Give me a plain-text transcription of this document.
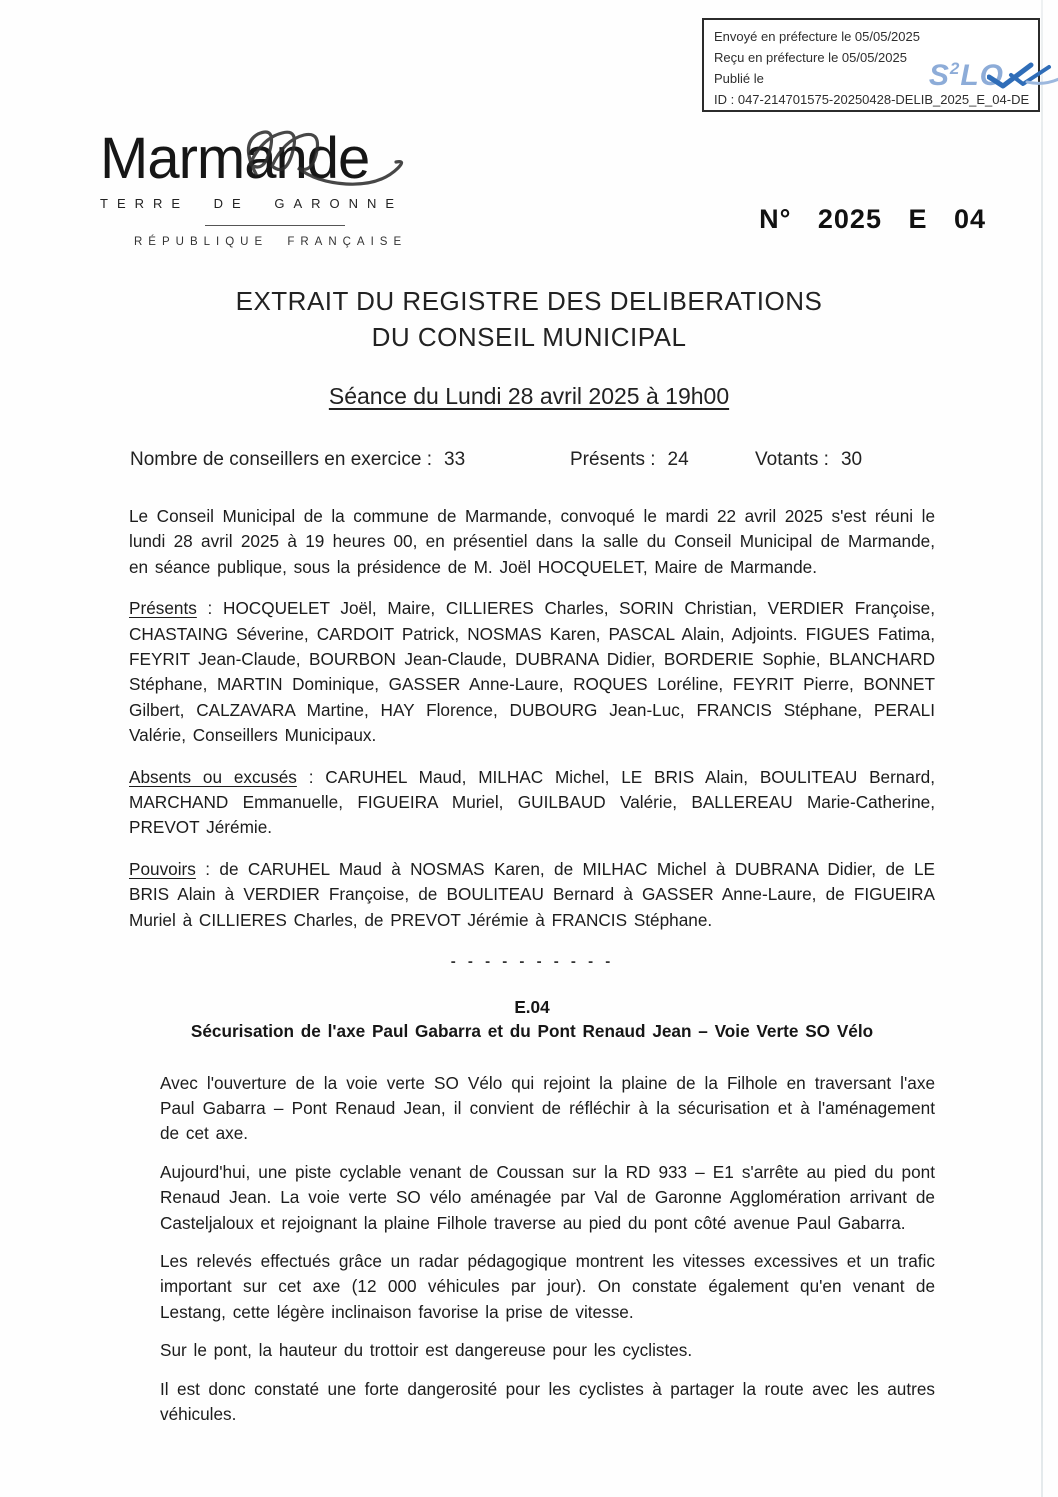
Envoyé en préfecture le 05/05/2025
Reçu en préfecture le 05/05/2025
Publié le
ID : 047-214701575-20250428-DELIB_2025_E_04-DE
$S^2LO$
Marmande
TERRE DE GARONNE
RÉPUBLIQUE FRANÇAISE
N° 2025 E 04
EXTRAIT DU REGISTRE DES DELIBERATIONS
DU CONSEIL MUNICIPAL
Séance du Lundi 28 avril 2025 à 19h00
Nombre de conseillers en exercice : 33	Présents : 24	Votants : 30

Le Conseil Municipal de la commune de Marmande, convoqué le mardi 22 avril 2025 s'est réuni le lundi 28 avril 2025 à 19 heures 00, en présentiel dans la salle du Conseil Municipal de Marmande, en séance publique, sous la présidence de M. Joël HOCQUELET, Maire de Marmande.

Présents : HOCQUELET Joël, Maire, CILLIERES Charles, SORIN Christian, VERDIER Françoise, CHASTAING Séverine, CARDOIT Patrick, NOSMAS Karen, PASCAL Alain, Adjoints. FIGUES Fatima, FEYRIT Jean-Claude, BOURBON Jean-Claude, DUBRANA Didier, BORDERIE Sophie, BLANCHARD Stéphane, MARTIN Dominique, GASSER Anne-Laure, ROQUES Loréline, FEYRIT Pierre, BONNET Gilbert, CALZAVARA Martine, HAY Florence, DUBOURG Jean-Luc, FRANCIS Stéphane, PERALI Valérie, Conseillers Municipaux.

Absents ou excusés : CARUHEL Maud, MILHAC Michel, LE BRIS Alain, BOULITEAU Bernard, MARCHAND Emmanuelle, FIGUEIRA Muriel, GUILBAUD Valérie, BALLEREAU Marie-Catherine, PREVOT Jérémie.

Pouvoirs : de CARUHEL Maud à NOSMAS Karen, de MILHAC Michel à DUBRANA Didier, de LE BRIS Alain à VERDIER Françoise, de BOULITEAU Bernard à GASSER Anne-Laure, de FIGUEIRA Muriel à CILLIERES Charles, de PREVOT Jérémie à FRANCIS Stéphane.

- - - - - - - - - -
E.04
Sécurisation de l'axe Paul Gabarra et du Pont Renaud Jean – Voie Verte SO Vélo

Avec l'ouverture de la voie verte SO Vélo qui rejoint la plaine de la Filhole en traversant l'axe Paul Gabarra – Pont Renaud Jean, il convient de réfléchir à la sécurisation et à l'aménagement de cet axe.

Aujourd'hui, une piste cyclable venant de Coussan sur la RD 933 – E1 s'arrête au pied du pont Renaud Jean. La voie verte SO vélo aménagée par Val de Garonne Agglomération arrivant de Casteljaloux et rejoignant la plaine Filhole traverse au pied du pont côté avenue Paul Gabarra.

Les relevés effectués grâce un radar pédagogique montrent les vitesses excessives et un trafic important sur cet axe (12 000 véhicules par jour). On constate également qu'en venant de Lestang, cette légère inclinaison favorise la prise de vitesse.

Sur le pont, la hauteur du trottoir est dangereuse pour les cyclistes.

Il est donc constaté une forte dangerosité pour les cyclistes à partager la route avec les autres véhicules.
